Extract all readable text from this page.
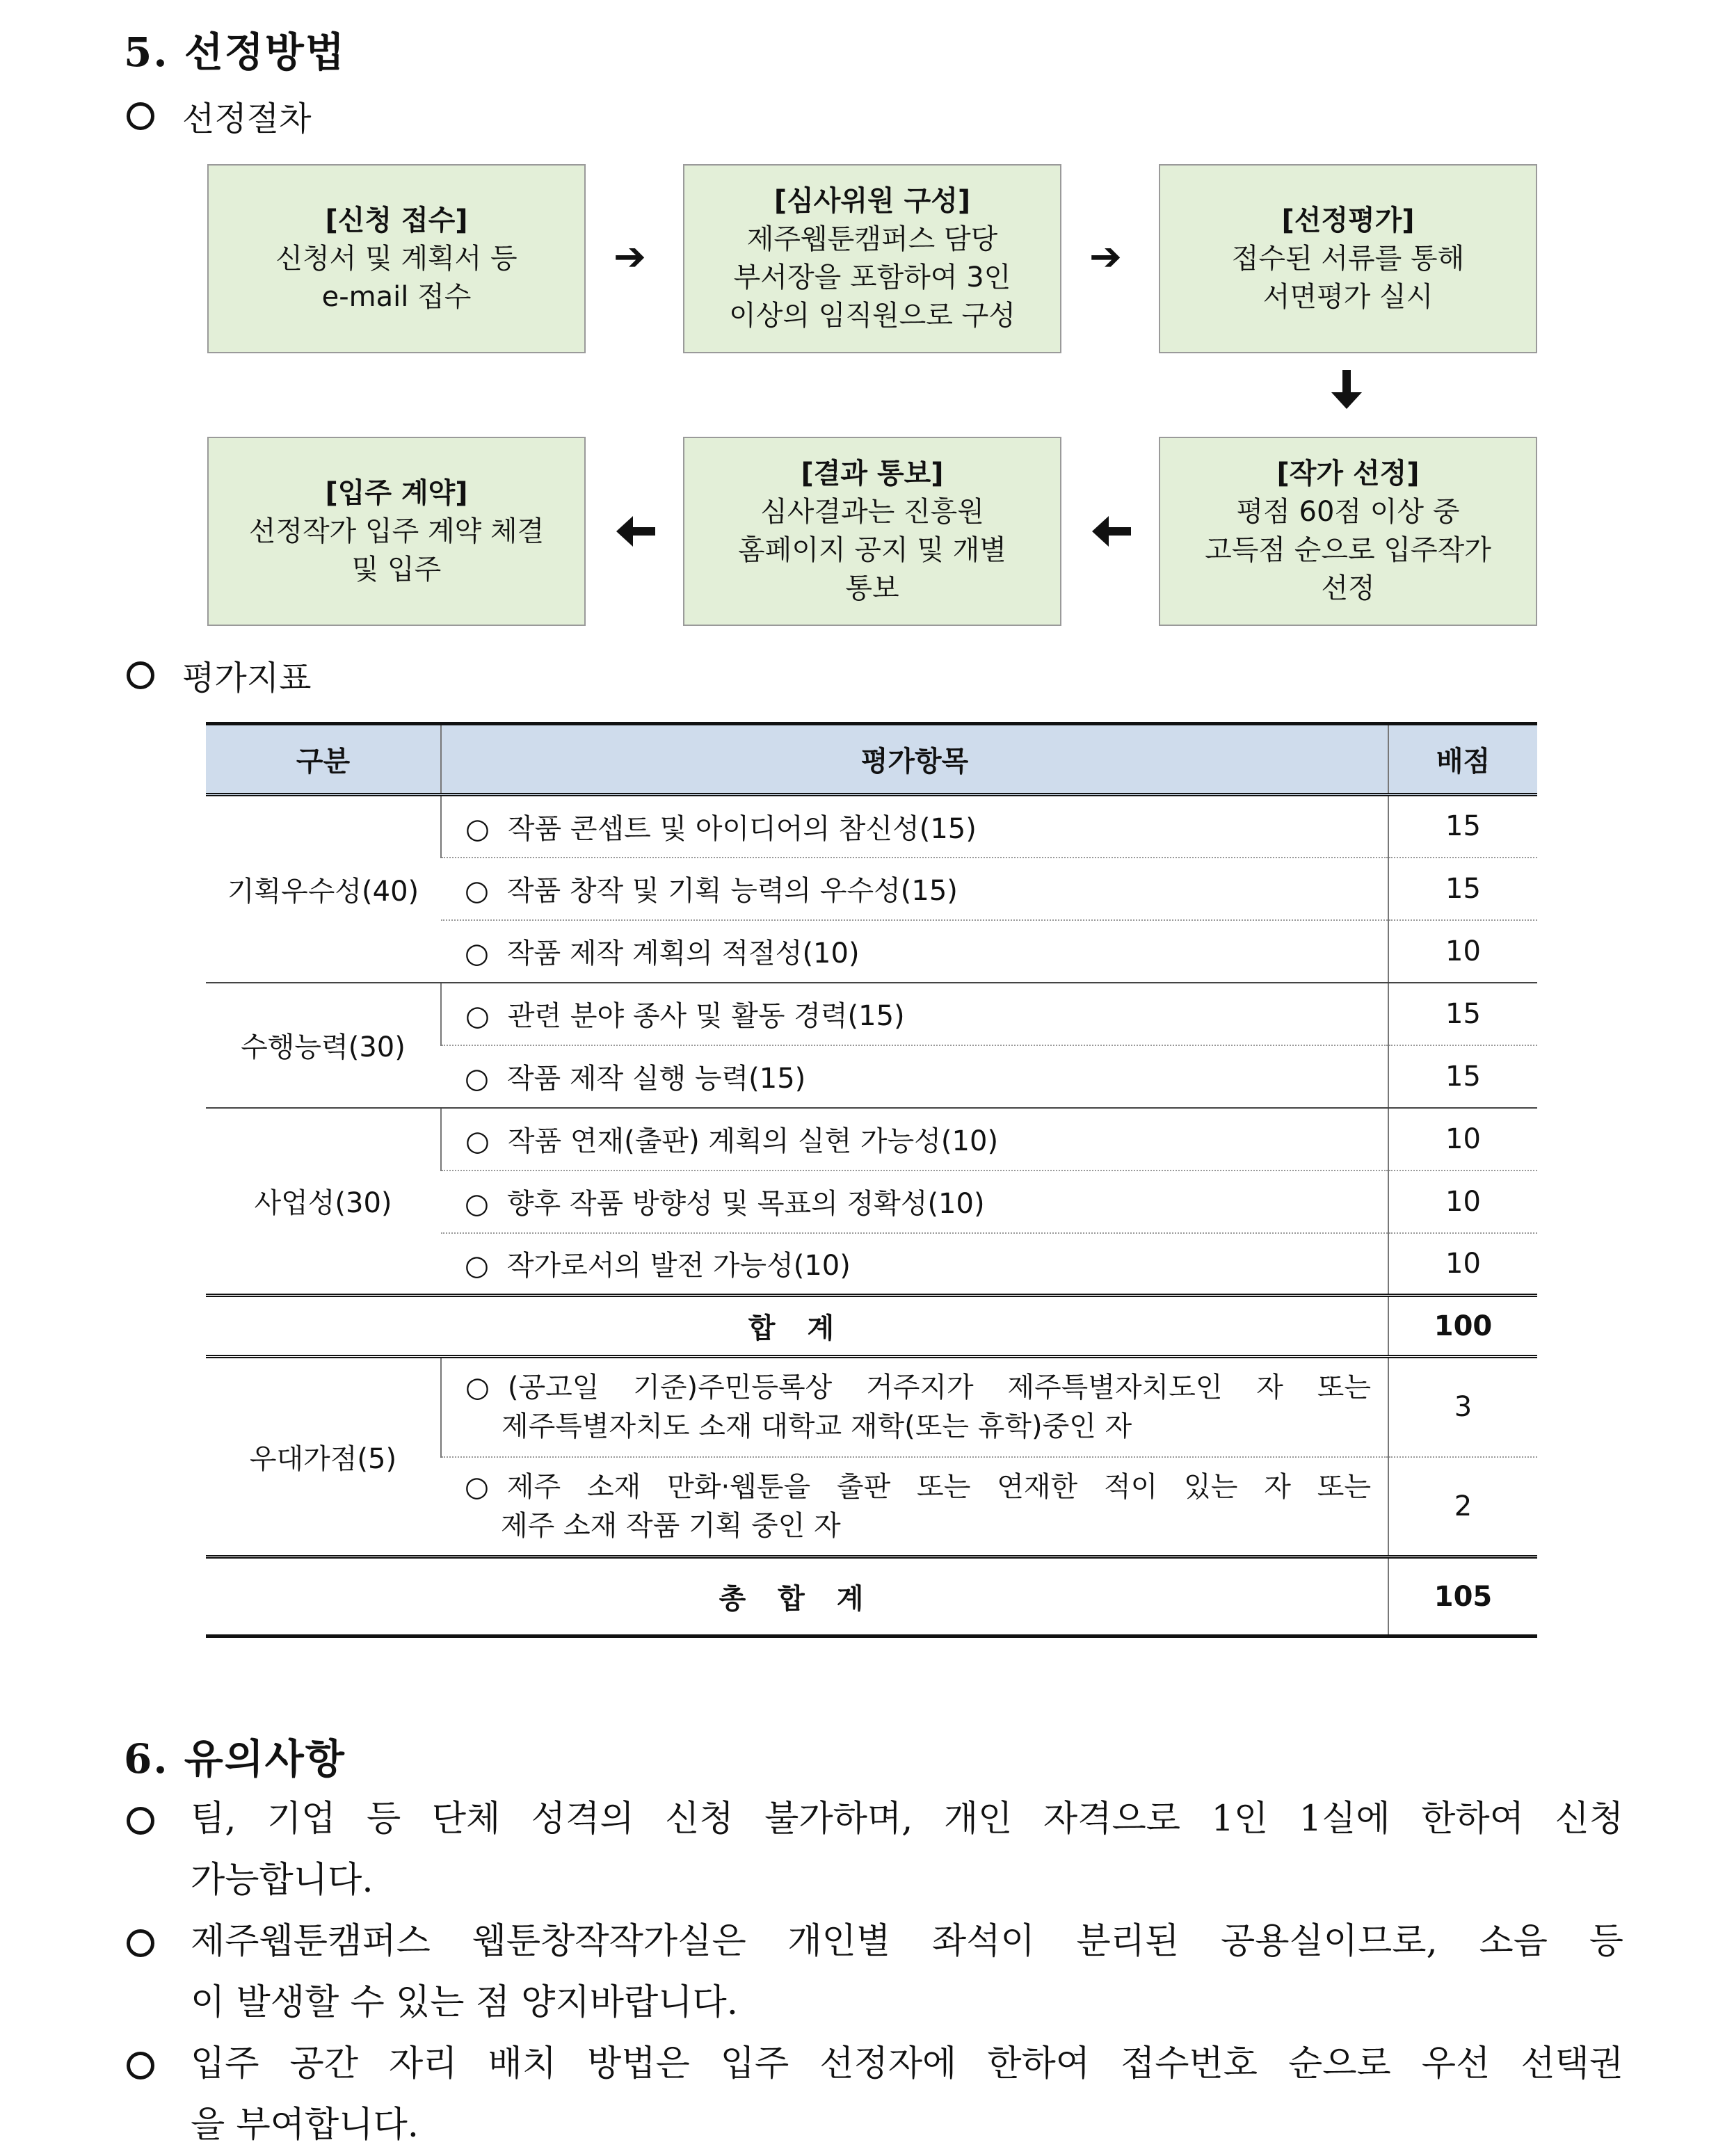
5. 선정방법
선정절차
[신청 접수]
신청서 및 계획서 등
e-mail 접수
➔
[심사위원 구성]
제주웹툰캠퍼스 담당
부서장을 포함하여 3인
이상의 임직원으로 구성
➔
[선정평가]
접수된 서류를 통해
서면평가 실시
[입주 계약]
선정작가 입주 계약 체결
및 입주
[결과 통보]
심사결과는 진흥원
홈페이지 공지 및 개별
통보
[작가 선정]
평점 60점 이상 중
고득점 순으로 입주작가
선정
평가지표
구분	평가항목	배점
기획우수성(40)	○ 작품 콘셉트 및 아이디어의 참신성(15)	15
	○ 작품 창작 및 기획 능력의 우수성(15)	15
	○ 작품 제작 계획의 적절성(10)	10
수행능력(30)	○ 관련 분야 종사 및 활동 경력(15)	15
	○ 작품 제작 실행 능력(15)	15
사업성(30)	○ 작품 연재(출판) 계획의 실현 가능성(10)	10
	○ 향후 작품 방향성 및 목표의 정확성(10)	10
	○ 작가로서의 발전 가능성(10)	10
합 계		100
우대가점(5)	○ (공고일 기준)주민등록상 거주지가 제주특별자치도인 자 또는
제주특별자치도 소재 대학교 재학(또는 휴학)중인 자	3

	○ 제주 소재 만화·웹툰을 출판 또는 연재한 적이 있는 자 또는
제주 소재 작품 기획 중인 자	2
총 합 계		105
6. 유의사항

팀, 기업 등 단체 성격의 신청 불가하며, 개인 자격으로 1인 1실에 한하여 신청

가능합니다.

제주웹툰캠퍼스 웹툰창작작가실은 개인별 좌석이 분리된 공용실이므로, 소음 등

이 발생할 수 있는 점 양지바랍니다.

입주 공간 자리 배치 방법은 입주 선정자에 한하여 접수번호 순으로 우선 선택권

을 부여합니다.
